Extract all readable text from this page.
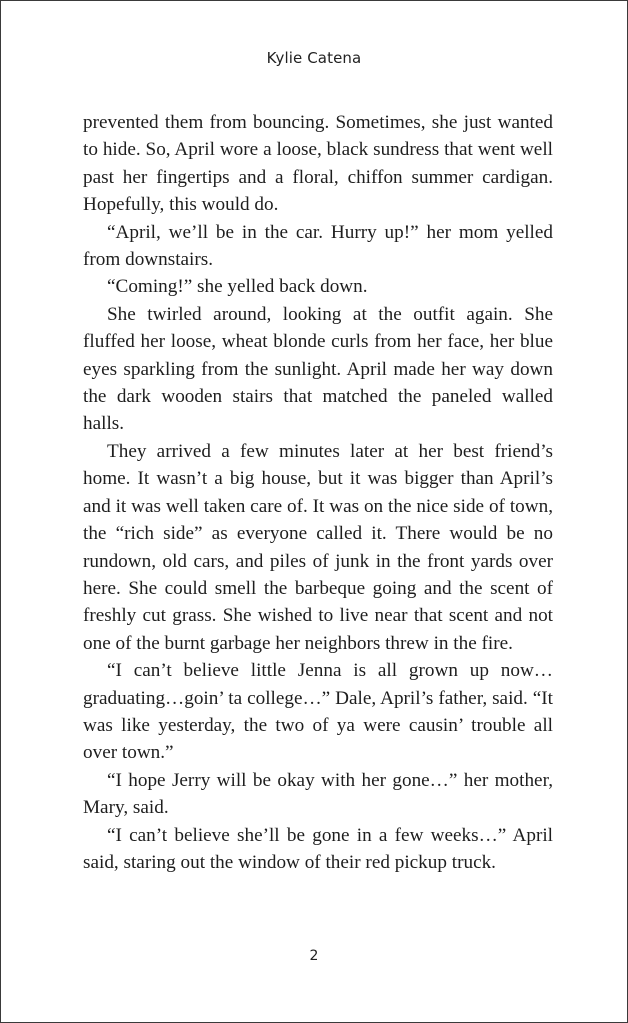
Kylie Catena

prevented them from bouncing. Sometimes, she just wanted to hide. So, April wore a loose, black sundress that went well past her fingertips and a floral, chiffon summer cardigan. Hopefully, this would do.

“April, we’ll be in the car. Hurry up!” her mom yelled from downstairs.

“Coming!” she yelled back down.

She twirled around, looking at the outfit again. She fluffed her loose, wheat blonde curls from her face, her blue eyes sparkling from the sunlight. April made her way down the dark wooden stairs that matched the paneled walled halls.

They arrived a few minutes later at her best friend’s home. It wasn’t a big house, but it was bigger than April’s and it was well taken care of. It was on the nice side of town, the “rich side” as everyone called it. There would be no rundown, old cars, and piles of junk in the front yards over here. She could smell the barbeque going and the scent of freshly cut grass. She wished to live near that scent and not one of the burnt garbage her neighbors threw in the fire.

“I can’t believe little Jenna is all grown up now… graduating…goin’ ta college…” Dale, April’s father, said. “It was like yesterday, the two of ya were causin’ trouble all over town.”

“I hope Jerry will be okay with her gone…” her mother, Mary, said.

“I can’t believe she’ll be gone in a few weeks…” April said, staring out the window of their red pickup truck.

2
